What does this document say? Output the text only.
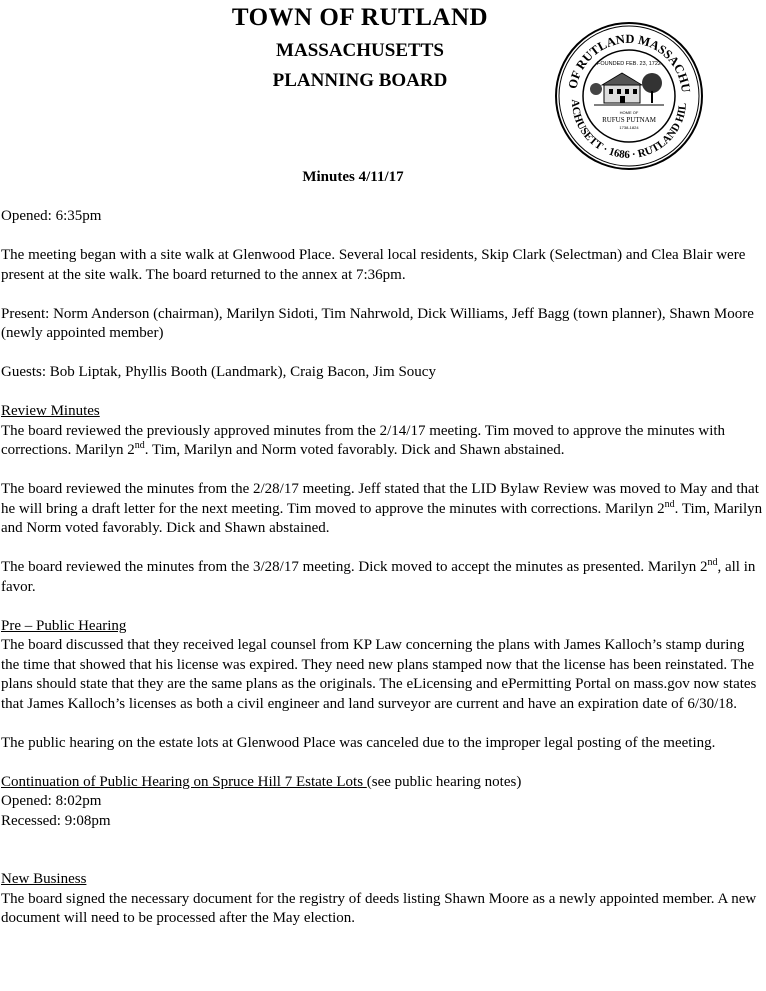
TOWN OF RUTLAND
MASSACHUSETTS
PLANNING BOARD	OF RUTLAND MASSACHU
ACHUSETT · 1686 · RUTLAND HIL
FOUNDED FEB. 23, 1722
HOME OF
RUFUS PUTNAM
1738-1824
Minutes 4/11/17

Opened: 6:35pm

The meeting began with a site walk at Glenwood Place. Several local residents, Skip Clark (Selectman) and Clea Blair were present at the site walk. The board returned to the annex at 7:36pm.

Present: Norm Anderson (chairman), Marilyn Sidoti, Tim Nahrwold, Dick Williams, Jeff Bagg (town planner), Shawn Moore (newly appointed member)

Guests: Bob Liptak, Phyllis Booth (Landmark), Craig Bacon, Jim Soucy

Review Minutes

The board reviewed the previously approved minutes from the 2/14/17 meeting. Tim moved to approve the minutes with corrections. Marilyn 2nd. Tim, Marilyn and Norm voted favorably. Dick and Shawn abstained.

The board reviewed the minutes from the 2/28/17 meeting. Jeff stated that the LID Bylaw Review was moved to May and that he will bring a draft letter for the next meeting. Tim moved to approve the minutes with corrections. Marilyn 2nd. Tim, Marilyn and Norm voted favorably. Dick and Shawn abstained.

The board reviewed the minutes from the 3/28/17 meeting. Dick moved to accept the minutes as presented. Marilyn 2nd, all in favor.

Pre – Public Hearing

The board discussed that they received legal counsel from KP Law concerning the plans with James Kalloch’s stamp during the time that showed that his license was expired. They need new plans stamped now that the license has been reinstated. The plans should state that they are the same plans as the originals. The eLicensing and ePermitting Portal on mass.gov now states that James Kalloch’s licenses as both a civil engineer and land surveyor are current and have an expiration date of 6/30/18.

The public hearing on the estate lots at Glenwood Place was canceled due to the improper legal posting of the meeting.

Continuation of Public Hearing on Spruce Hill 7 Estate Lots (see public hearing notes)
Opened: 8:02pm

Recessed: 9:08pm

New Business

The board signed the necessary document for the registry of deeds listing Shawn Moore as a newly appointed member. A new document will need to be processed after the May election.
